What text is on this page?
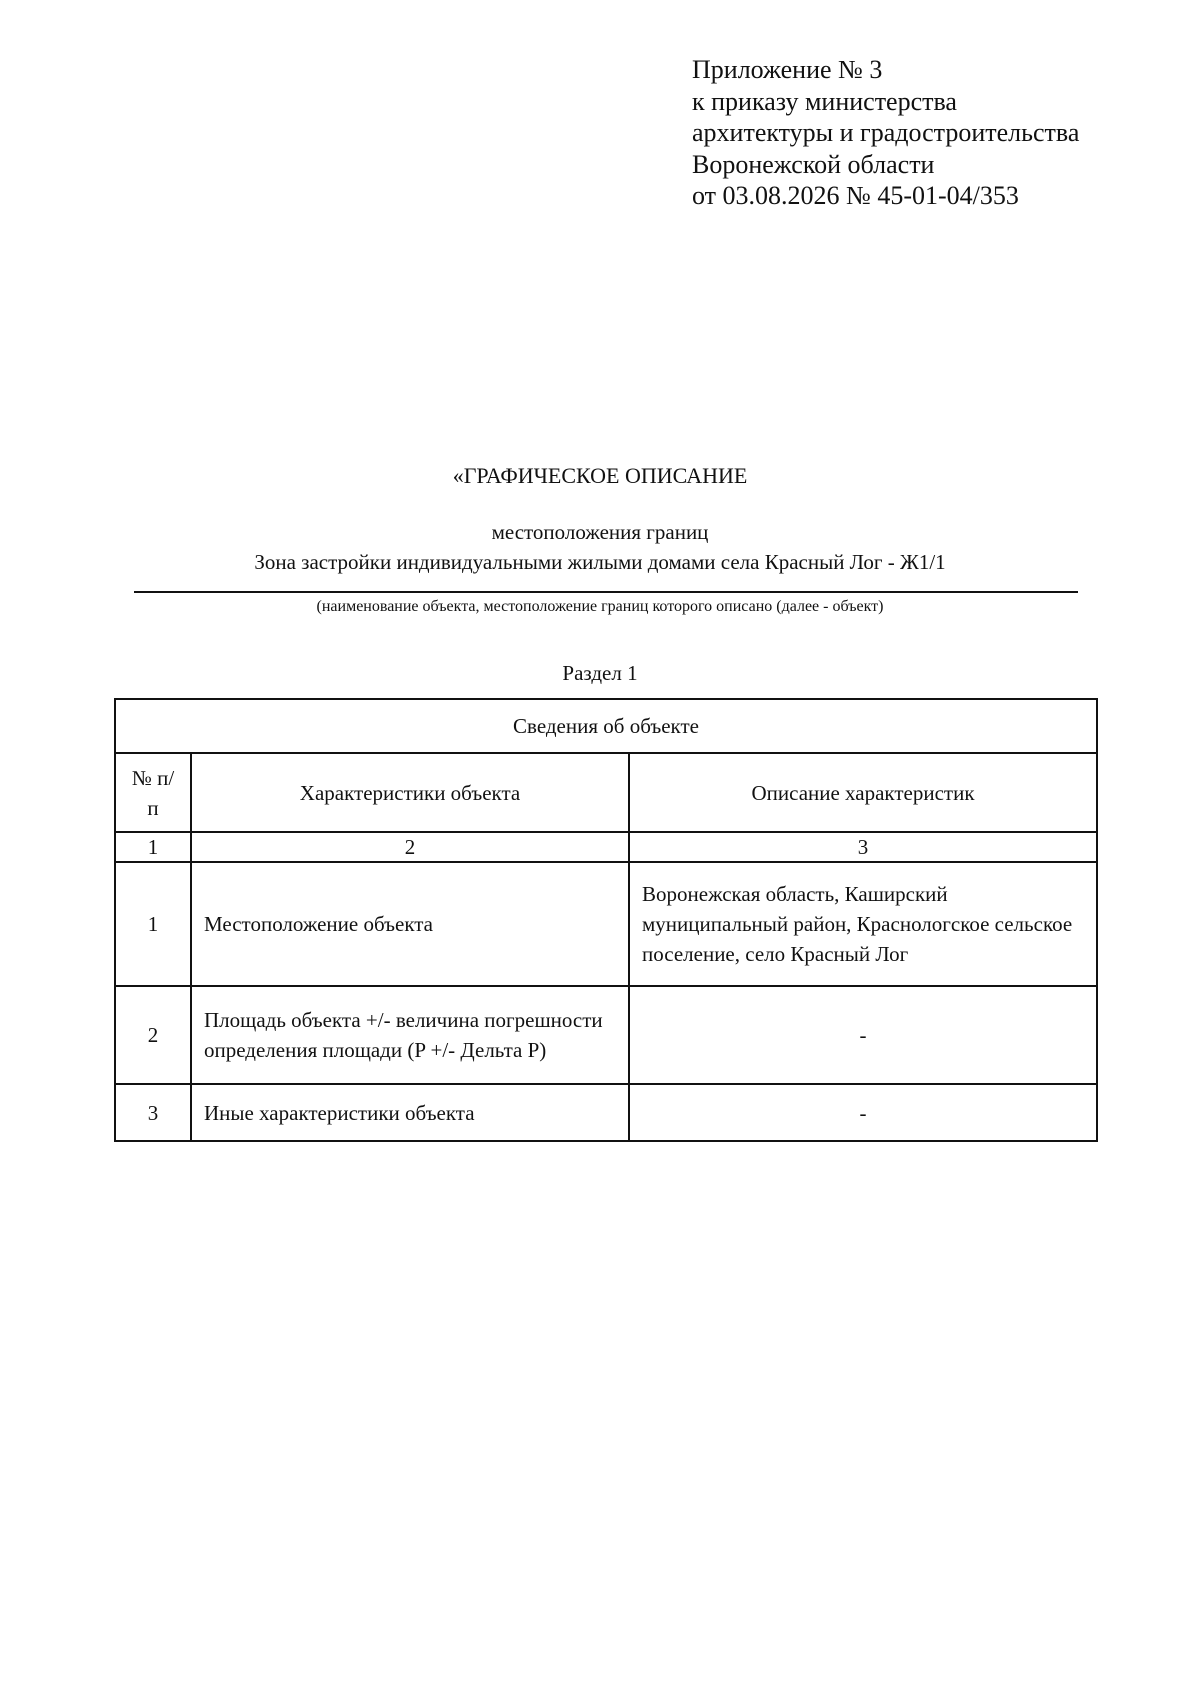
Приложение № 3
к приказу министерства
архитектуры и градостроительства
Воронежской области
от 03.08.2026 № 45-01-04/353
«ГРАФИЧЕСКОЕ ОПИСАНИЕ
местоположения границ
Зона застройки индивидуальными жилыми домами села Красный Лог - Ж1/1
(наименование объекта, местоположение границ которого описано (далее - объект)
Раздел 1
Сведения об объекте		
№ п/п	Характеристики объекта	Описание характеристик
1	2	3
1	Местоположение объекта	Воронежская область, Каширский муниципальный район, Краснологское сельское поселение, село Красный Лог
2	Площадь объекта +/- величина погрешности определения площади (P +/- Дельта P)	-
3	Иные характеристики объекта	-
